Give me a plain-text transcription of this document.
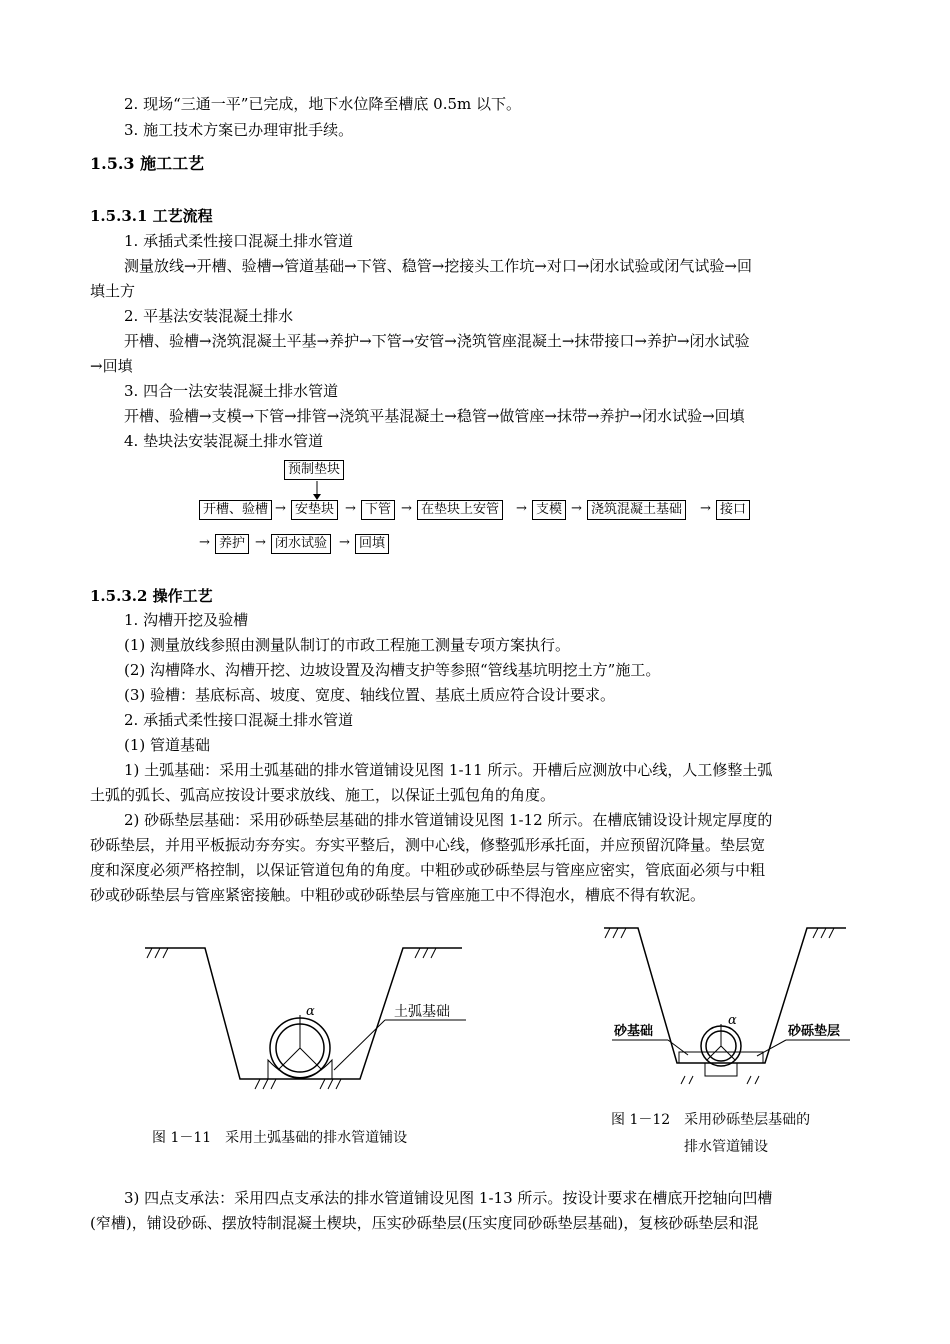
2. 现场“三通一平”已完成，地下水位降至槽底 0.5m 以下。
3. 施工技术方案已办理审批手续。
1.5.3 施工工艺
1.5.3.1 工艺流程
1. 承插式柔性接口混凝土排水管道
测量放线→开槽、验槽→管道基础→下管、稳管→挖接头工作坑→对口→闭水试验或闭气试验→回
填土方
2. 平基法安装混凝土排水
开槽、验槽→浇筑混凝土平基→养护→下管→安管→浇筑管座混凝土→抹带接口→养护→闭水试验
→回填
3. 四合一法安装混凝土排水管道
开槽、验槽→支模→下管→排管→浇筑平基混凝土→稳管→做管座→抹带→养护→闭水试验→回填
4. 垫块法安装混凝土排水管道
预制垫块
开槽、验槽 → 安垫块 → 下管 → 在垫块上安管	→ 支模 → 浇筑混凝土基础	→ 接口
→ 养护 → 闭水试验 → 回填
1.5.3.2 操作工艺
1. 沟槽开挖及验槽
(1) 测量放线参照由测量队制订的市政工程施工测量专项方案执行。
(2) 沟槽降水、沟槽开挖、边坡设置及沟槽支护等参照“管线基坑明挖土方”施工。
(3) 验槽：基底标高、坡度、宽度、轴线位置、基底土质应符合设计要求。
2. 承插式柔性接口混凝土排水管道
(1) 管道基础
1) 土弧基础：采用土弧基础的排水管道铺设见图 1-11 所示。开槽后应测放中心线，人工修整土弧
土弧的弧长、弧高应按设计要求放线、施工，以保证土弧包角的角度。
2) 砂砾垫层基础：采用砂砾垫层基础的排水管道铺设见图 1-12 所示。在槽底铺设设计规定厚度的
砂砾垫层，并用平板振动夯夯实。夯实平整后，测中心线，修整弧形承托面，并应预留沉降量。垫层宽
度和深度必须严格控制，以保证管道包角的角度。中粗砂或砂砾垫层与管座应密实，管底面必须与中粗
砂或砂砾垫层与管座紧密接触。中粗砂或砂砾垫层与管座施工中不得泡水，槽底不得有软泥。
α	土弧基础
图 1－11　采用土弧基础的排水管道铺设
α
砂基础	砂砾垫层
图 1－12　采用砂砾垫层基础的
排水管道铺设
3) 四点支承法：采用四点支承法的排水管道铺设见图 1-13 所示。按设计要求在槽底开挖轴向凹槽
(窄槽)，铺设砂砾、摆放特制混凝土楔块，压实砂砾垫层(压实度同砂砾垫层基础)，复核砂砾垫层和混
